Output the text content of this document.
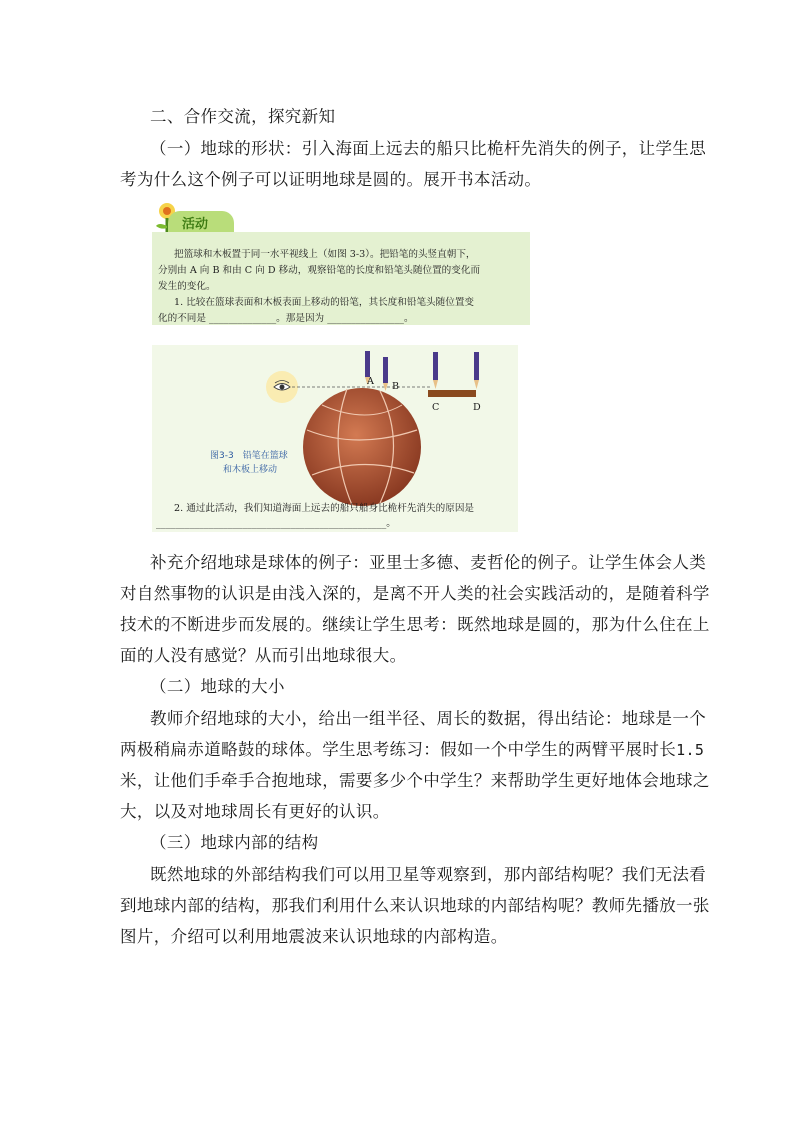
二、合作交流，探究新知
（一）地球的形状：引入海面上远去的船只比桅杆先消失的例子，让学生思
考为什么这个例子可以证明地球是圆的。展开书本活动。
活动
把篮球和木板置于同一水平视线上（如图 3-3）。把铅笔的头竖直朝下，
分别由 A 向 B 和由 C 向 D 移动，观察铅笔的长度和铅笔头随位置的变化而
发生的变化。
1. 比较在篮球表面和木板表面上移动的铅笔，其长度和铅笔头随位置变
化的不同是 ______________。那是因为 ________________。
A B
C	D
图3-3　铅笔在篮球
和木板上移动
2. 通过此活动，我们知道海面上远去的船只船身比桅杆先消失的原因是
________________________________________________。
补充介绍地球是球体的例子：亚里士多德、麦哲伦的例子。让学生体会人类
对自然事物的认识是由浅入深的，是离不开人类的社会实践活动的，是随着科学
技术的不断进步而发展的。继续让学生思考：既然地球是圆的，那为什么住在上
面的人没有感觉？从而引出地球很大。
（二）地球的大小
教师介绍地球的大小，给出一组半径、周长的数据，得出结论：地球是一个
两极稍扁赤道略鼓的球体。学生思考练习：假如一个中学生的两臂平展时长1.5
米，让他们手牵手合抱地球，需要多少个中学生？来帮助学生更好地体会地球之
大，以及对地球周长有更好的认识。
（三）地球内部的结构
既然地球的外部结构我们可以用卫星等观察到，那内部结构呢？我们无法看
到地球内部的结构，那我们利用什么来认识地球的内部结构呢？教师先播放一张
图片，介绍可以利用地震波来认识地球的内部构造。
